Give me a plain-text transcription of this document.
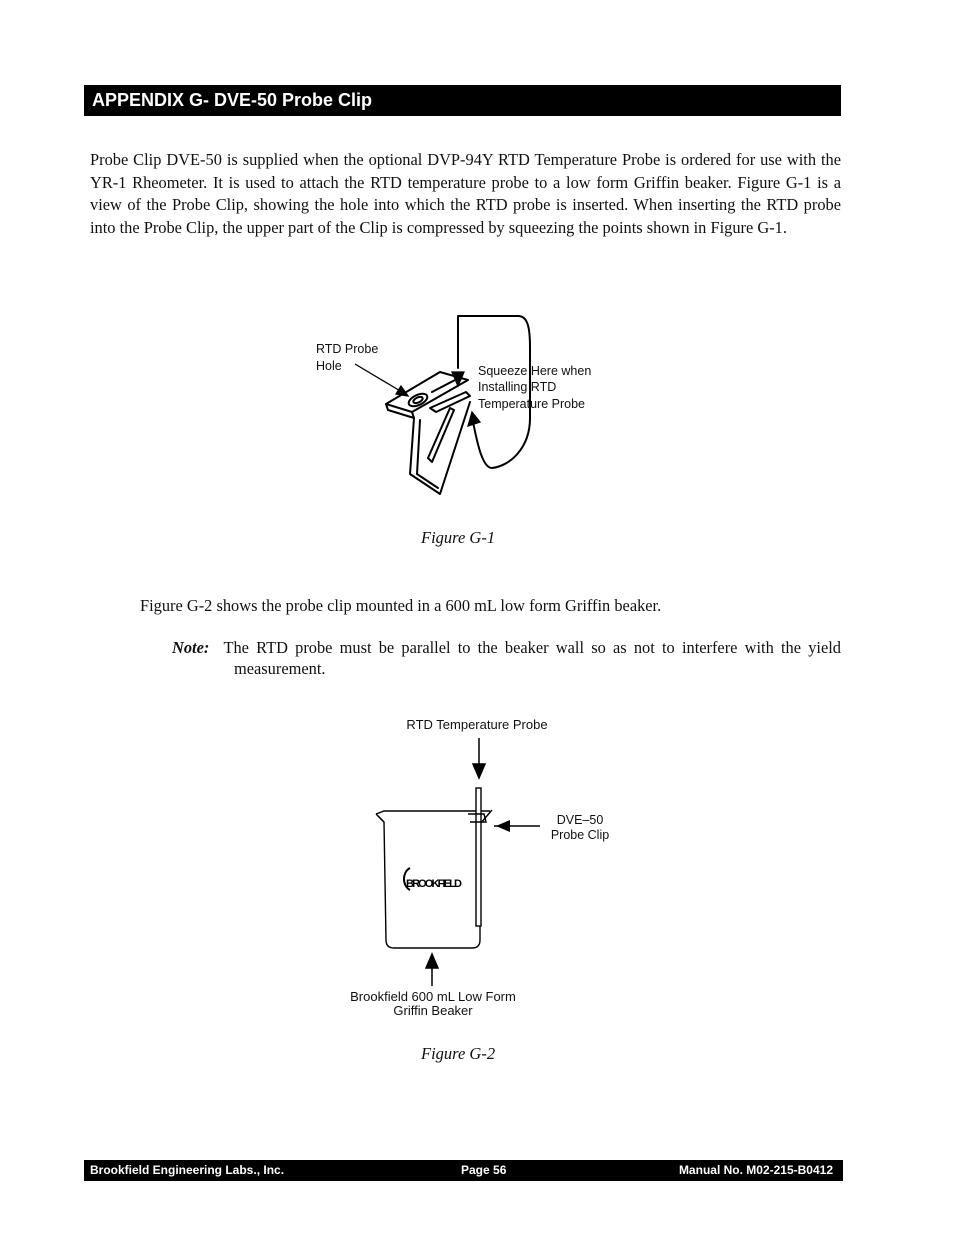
APPENDIX G- DVE-50 Probe Clip

Probe Clip DVE-50 is supplied when the optional DVP-94Y RTD Temperature Probe is ordered for use with the YR-1 Rheometer. It is used to attach the RTD temperature probe to a low form Griffin beaker. Figure G-1 is a view of the Probe Clip, showing the hole into which the RTD probe is inserted. When inserting the RTD probe into the Probe Clip, the upper part of the Clip is compressed by squeezing the points shown in Figure G-1.

RTD Probe
Hole	Squeeze Here when
Installing RTD
Temperature Probe
Figure G-1

Figure G-2 shows the probe clip mounted in a 600 mL low form Griffin beaker.

Note: The RTD probe must be parallel to the beaker wall so as not to interfere with the yield measurement.

RTD Temperature Probe
DVE–50
Probe Clip
BROOKFIELD
Brookfield 600 mL Low Form
Griffin Beaker
Figure G-2
Brookfield Engineering Labs., Inc.	Page 56	Manual No. M02-215-B0412
